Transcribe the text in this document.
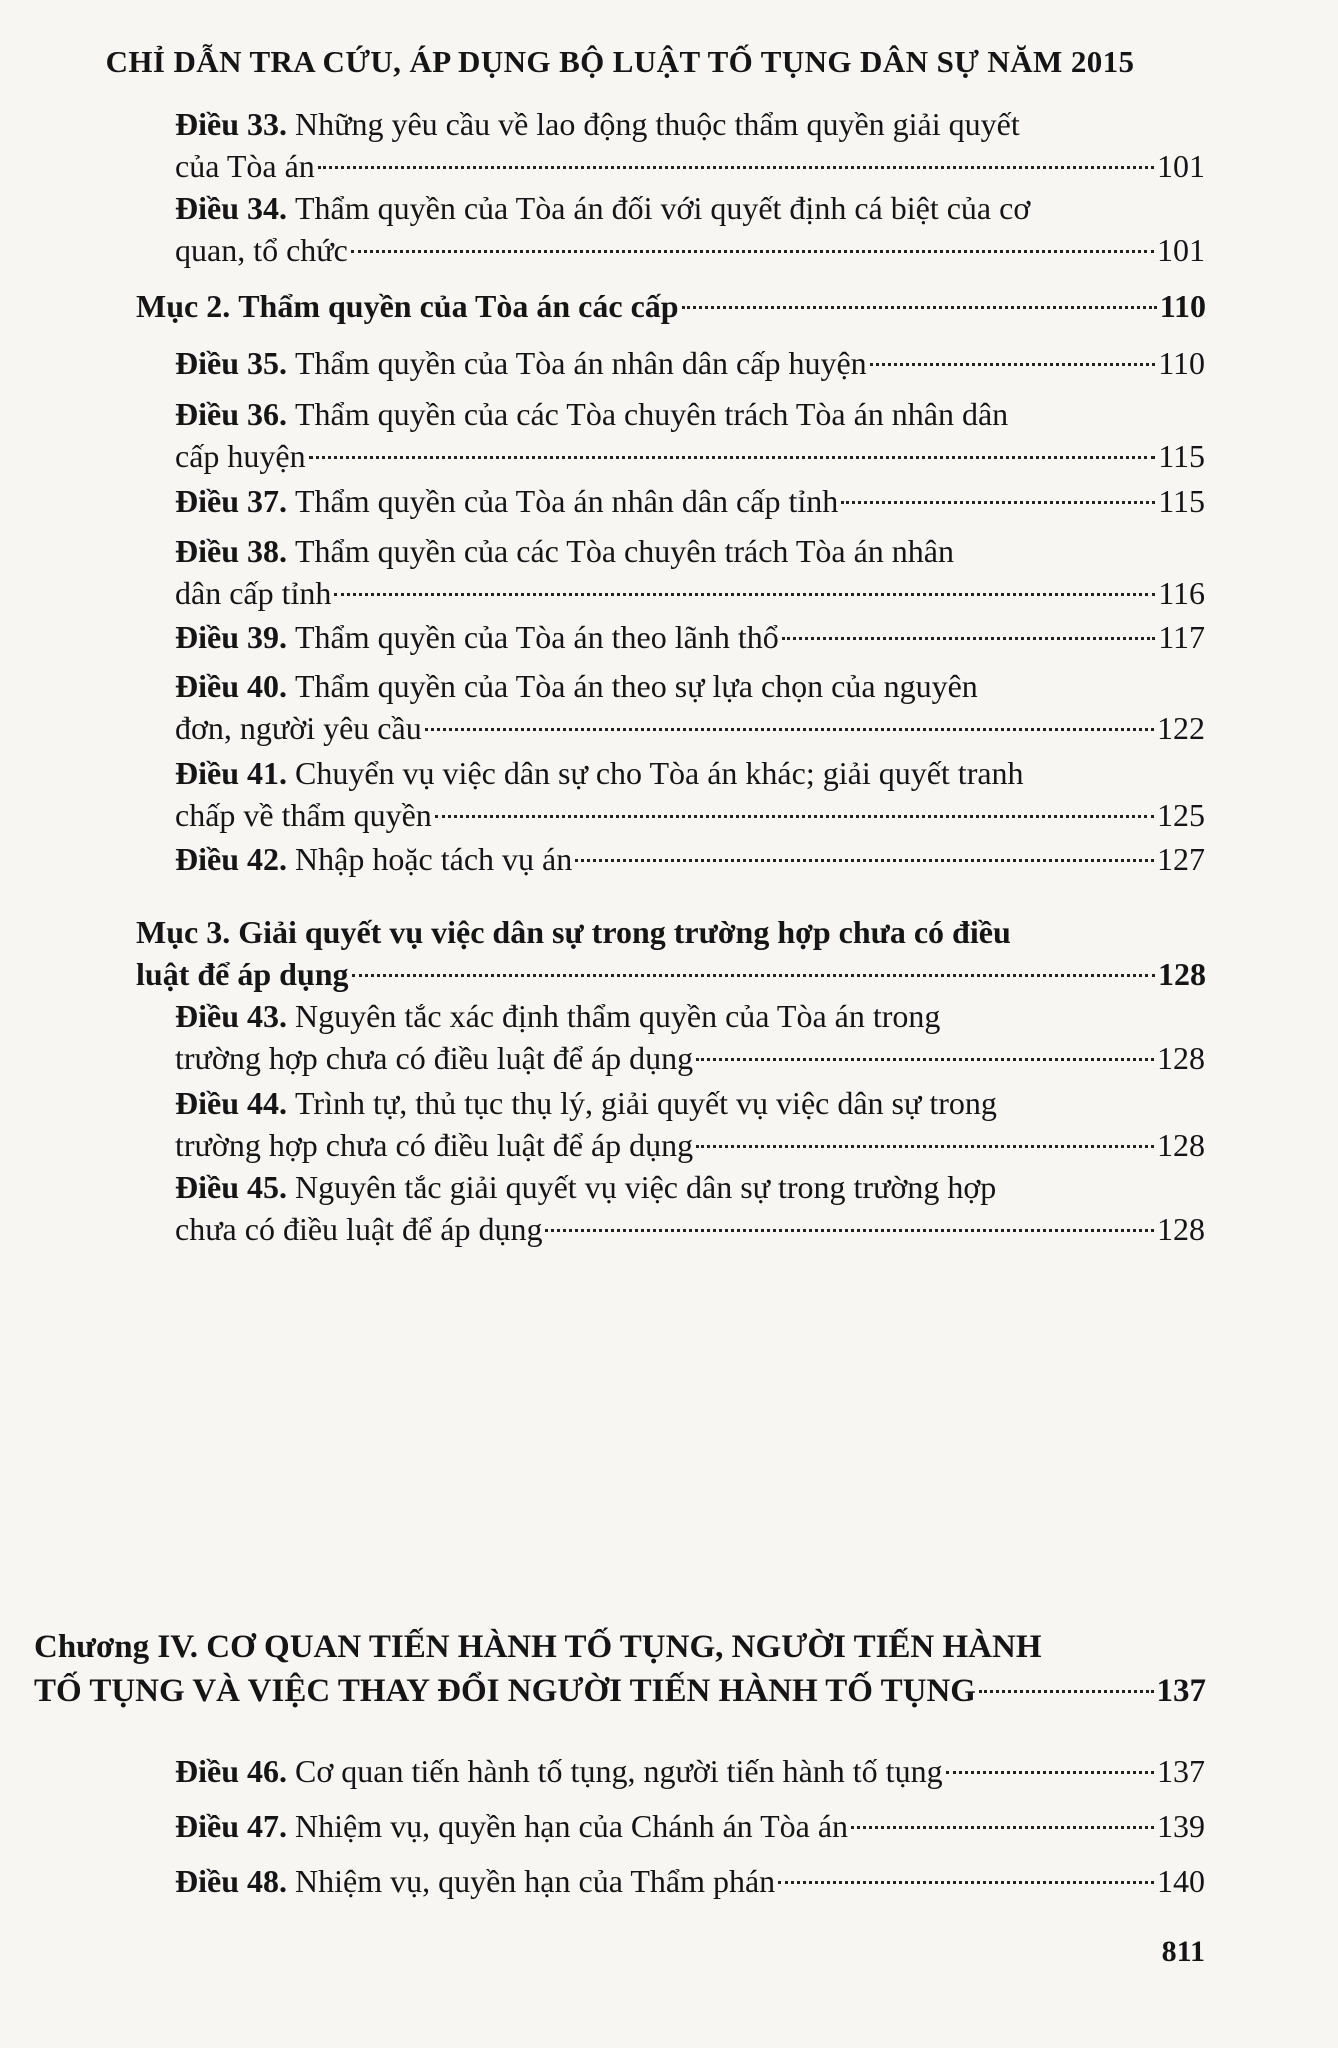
CHỈ DẪN TRA CỨU, ÁP DỤNG BỘ LUẬT TỐ TỤNG DÂN SỰ NĂM 2015
Điều 33.
Những yêu cầu về lao động thuộc thẩm quyền giải quyết
của Tòa án	101
Điều 34.
Thẩm quyền của Tòa án đối với quyết định cá biệt của cơ
quan, tổ chức	101
Mục 2.
Thẩm quyền của Tòa án các cấp	110
Điều 35.
Thẩm quyền của Tòa án nhân dân cấp huyện	110
Điều 36.
Thẩm quyền của các Tòa chuyên trách Tòa án nhân dân
cấp huyện	115
Điều 37.
Thẩm quyền của Tòa án nhân dân cấp tỉnh	115
Điều 38.
Thẩm quyền của các Tòa chuyên trách Tòa án nhân
dân cấp tỉnh	116
Điều 39.
Thẩm quyền của Tòa án theo lãnh thổ	117
Điều 40.
Thẩm quyền của Tòa án theo sự lựa chọn của nguyên
đơn, người yêu cầu	122
Điều 41.
Chuyển vụ việc dân sự cho Tòa án khác; giải quyết tranh
chấp về thẩm quyền	125
Điều 42.
Nhập hoặc tách vụ án	127
Mục 3.
Giải quyết vụ việc dân sự trong trường hợp chưa có điều
luật để áp dụng	128
Điều 43.
Nguyên tắc xác định thẩm quyền của Tòa án trong
trường hợp chưa có điều luật để áp dụng	128
Điều 44.
Trình tự, thủ tục thụ lý, giải quyết vụ việc dân sự trong
trường hợp chưa có điều luật để áp dụng	128
Điều 45.
Nguyên tắc giải quyết vụ việc dân sự trong trường hợp
chưa có điều luật để áp dụng	128
Chương IV.
CƠ QUAN TIẾN HÀNH TỐ TỤNG, NGƯỜI TIẾN HÀNH
TỐ TỤNG VÀ VIỆC THAY ĐỔI NGƯỜI TIẾN HÀNH TỐ TỤNG	137
Điều 46.
Cơ quan tiến hành tố tụng, người tiến hành tố tụng	137
Điều 47.
Nhiệm vụ, quyền hạn của Chánh án Tòa án	139
Điều 48.
Nhiệm vụ, quyền hạn của Thẩm phán	140
811
